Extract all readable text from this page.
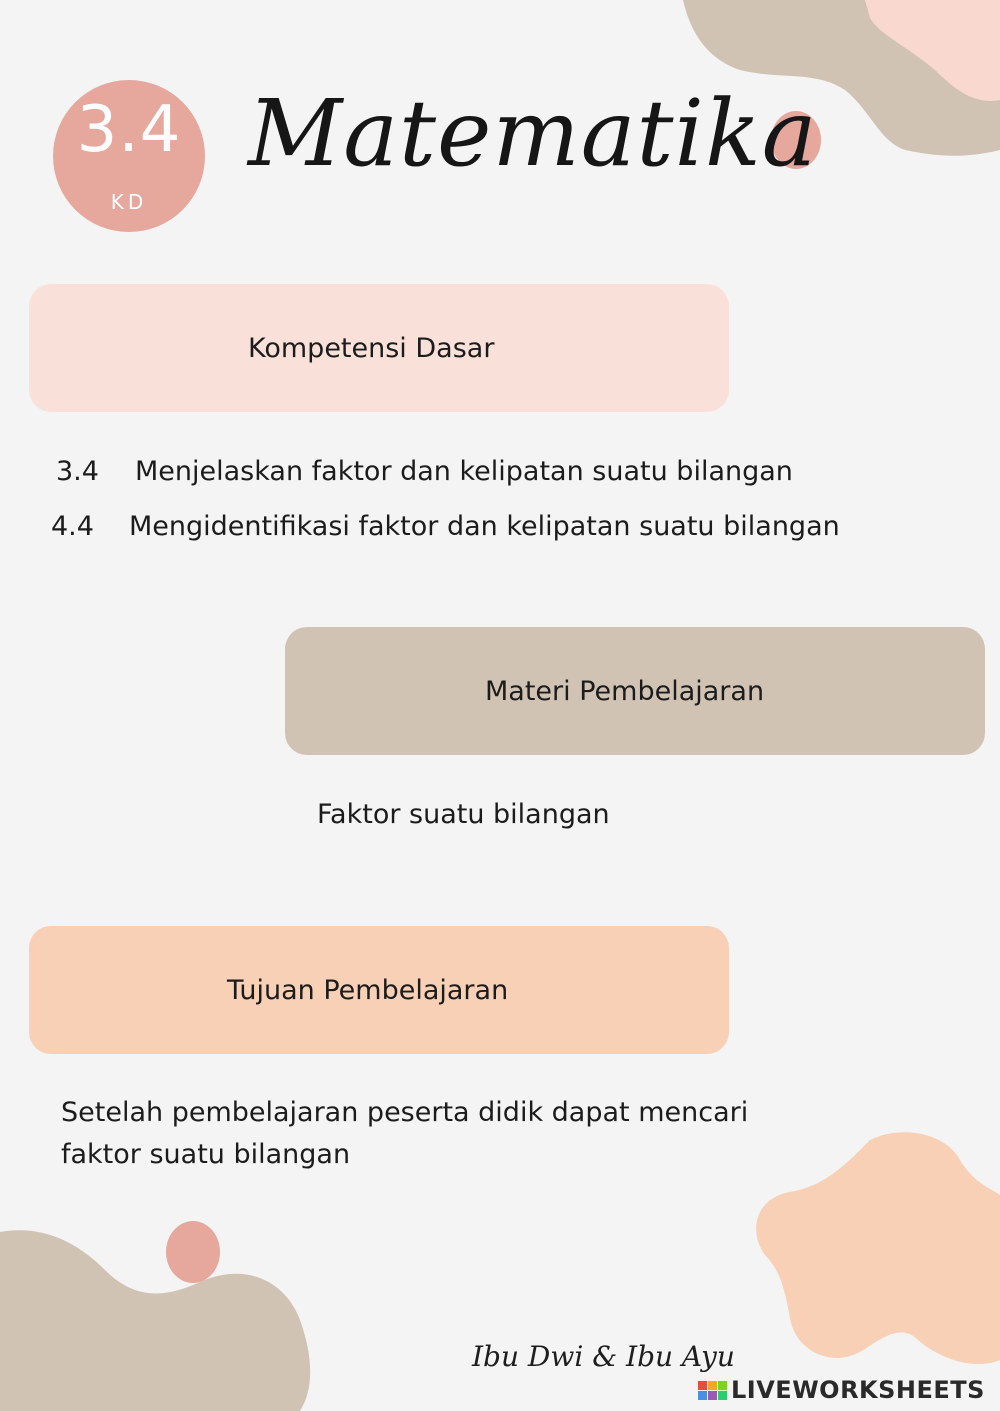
3.4
KD
Matematika
Kompetensi Dasar
3.4 Menjelaskan faktor dan kelipatan suatu bilangan
4.4 Mengidentifikasi faktor dan kelipatan suatu bilangan
Materi Pembelajaran
Faktor suatu bilangan
Tujuan Pembelajaran
Setelah pembelajaran peserta didik dapat mencari
faktor suatu bilangan
Ibu Dwi & Ibu Ayu
LIVEWORKSHEETS
